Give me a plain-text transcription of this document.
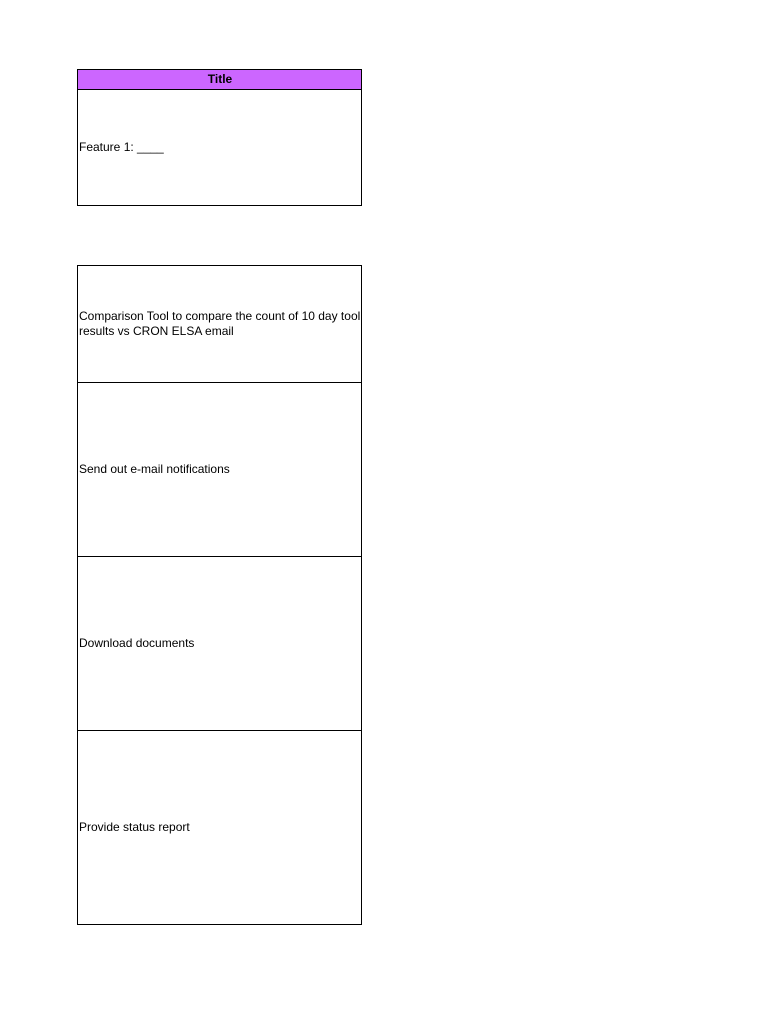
Title
Feature 1: ____

Comparison Tool to compare the count of 10 day tool results vs CRON ELSA email
Send out e-mail notifications
Download documents
Provide status report
